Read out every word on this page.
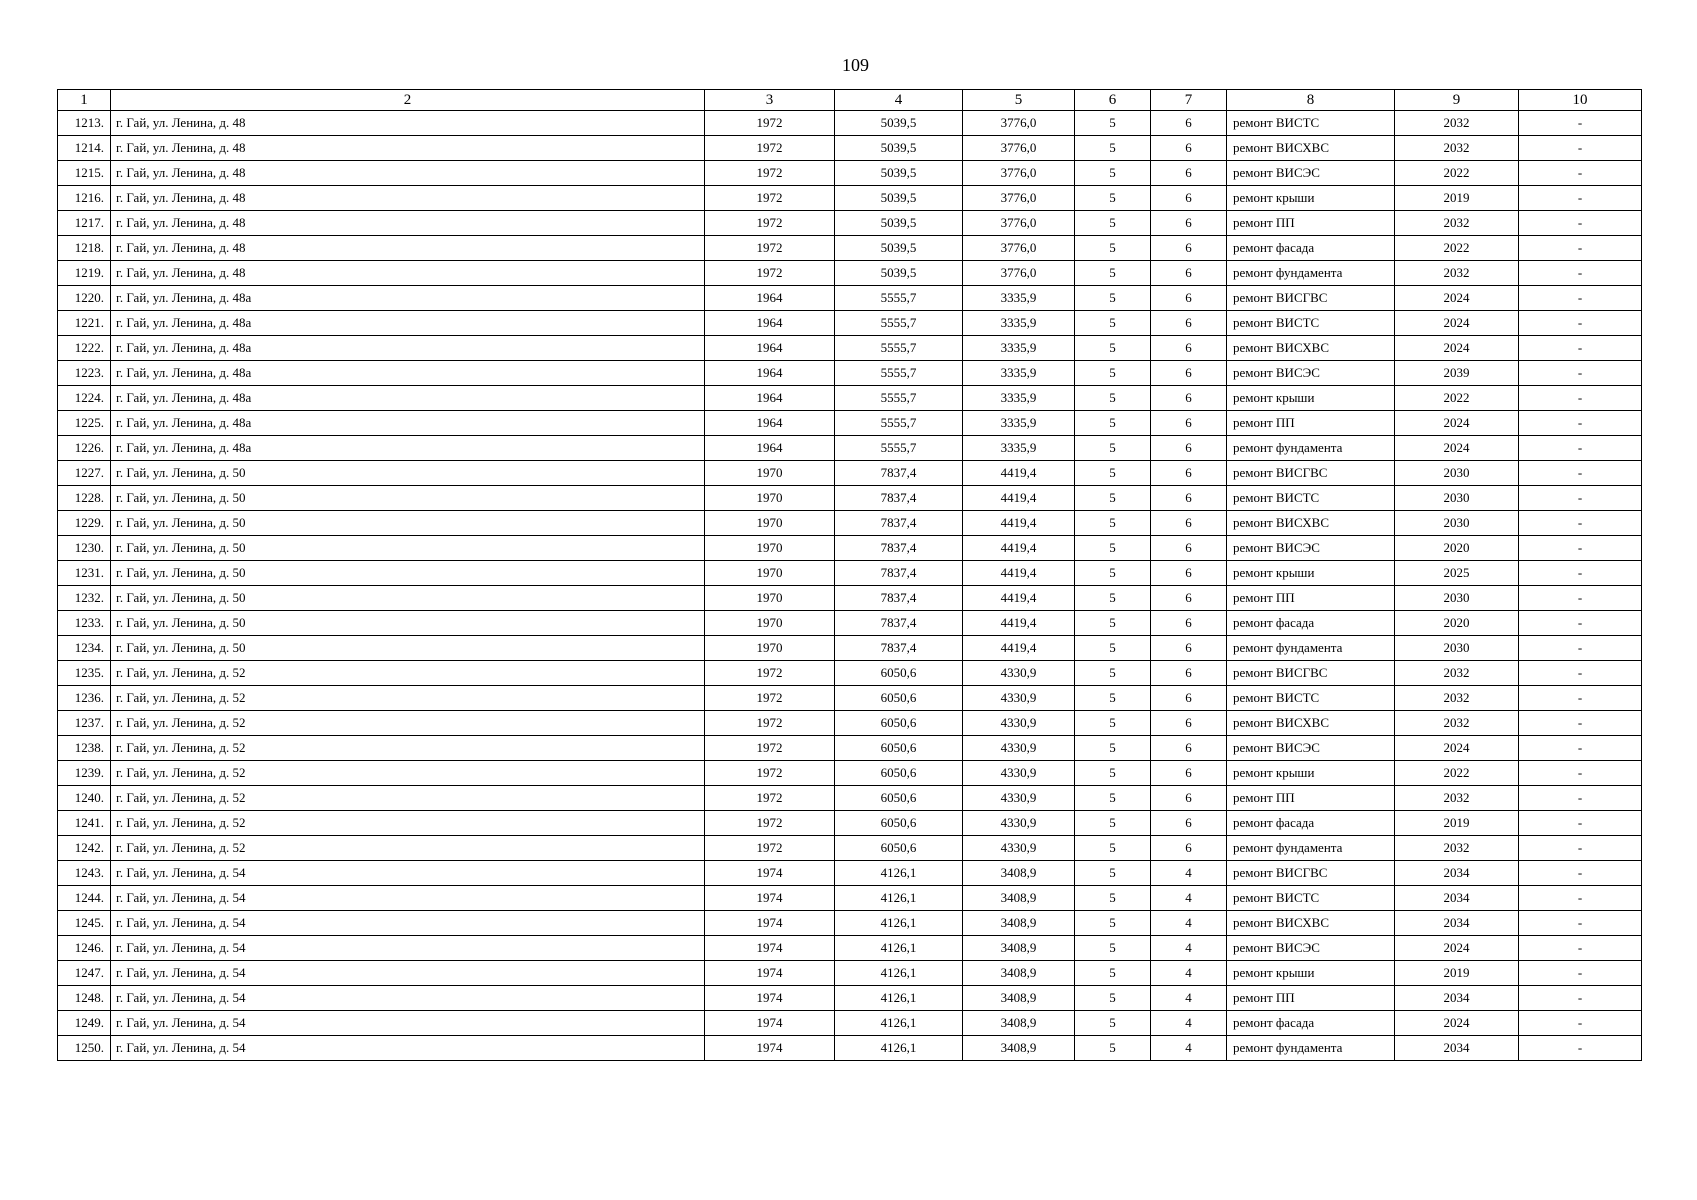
109
1	2	3	4	5	6	7	8	9	10
1213.	г. Гай, ул. Ленина, д. 48	1972	5039,5	3776,0	5	6	ремонт ВИСТС	2032	-
1214.	г. Гай, ул. Ленина, д. 48	1972	5039,5	3776,0	5	6	ремонт ВИСХВС	2032	-
1215.	г. Гай, ул. Ленина, д. 48	1972	5039,5	3776,0	5	6	ремонт ВИСЭС	2022	-
1216.	г. Гай, ул. Ленина, д. 48	1972	5039,5	3776,0	5	6	ремонт крыши	2019	-
1217.	г. Гай, ул. Ленина, д. 48	1972	5039,5	3776,0	5	6	ремонт ПП	2032	-
1218.	г. Гай, ул. Ленина, д. 48	1972	5039,5	3776,0	5	6	ремонт фасада	2022	-
1219.	г. Гай, ул. Ленина, д. 48	1972	5039,5	3776,0	5	6	ремонт фундамента	2032	-
1220.	г. Гай, ул. Ленина, д. 48а	1964	5555,7	3335,9	5	6	ремонт ВИСГВС	2024	-
1221.	г. Гай, ул. Ленина, д. 48а	1964	5555,7	3335,9	5	6	ремонт ВИСТС	2024	-
1222.	г. Гай, ул. Ленина, д. 48а	1964	5555,7	3335,9	5	6	ремонт ВИСХВС	2024	-
1223.	г. Гай, ул. Ленина, д. 48а	1964	5555,7	3335,9	5	6	ремонт ВИСЭС	2039	-
1224.	г. Гай, ул. Ленина, д. 48а	1964	5555,7	3335,9	5	6	ремонт крыши	2022	-
1225.	г. Гай, ул. Ленина, д. 48а	1964	5555,7	3335,9	5	6	ремонт ПП	2024	-
1226.	г. Гай, ул. Ленина, д. 48а	1964	5555,7	3335,9	5	6	ремонт фундамента	2024	-
1227.	г. Гай, ул. Ленина, д. 50	1970	7837,4	4419,4	5	6	ремонт ВИСГВС	2030	-
1228.	г. Гай, ул. Ленина, д. 50	1970	7837,4	4419,4	5	6	ремонт ВИСТС	2030	-
1229.	г. Гай, ул. Ленина, д. 50	1970	7837,4	4419,4	5	6	ремонт ВИСХВС	2030	-
1230.	г. Гай, ул. Ленина, д. 50	1970	7837,4	4419,4	5	6	ремонт ВИСЭС	2020	-
1231.	г. Гай, ул. Ленина, д. 50	1970	7837,4	4419,4	5	6	ремонт крыши	2025	-
1232.	г. Гай, ул. Ленина, д. 50	1970	7837,4	4419,4	5	6	ремонт ПП	2030	-
1233.	г. Гай, ул. Ленина, д. 50	1970	7837,4	4419,4	5	6	ремонт фасада	2020	-
1234.	г. Гай, ул. Ленина, д. 50	1970	7837,4	4419,4	5	6	ремонт фундамента	2030	-
1235.	г. Гай, ул. Ленина, д. 52	1972	6050,6	4330,9	5	6	ремонт ВИСГВС	2032	-
1236.	г. Гай, ул. Ленина, д. 52	1972	6050,6	4330,9	5	6	ремонт ВИСТС	2032	-
1237.	г. Гай, ул. Ленина, д. 52	1972	6050,6	4330,9	5	6	ремонт ВИСХВС	2032	-
1238.	г. Гай, ул. Ленина, д. 52	1972	6050,6	4330,9	5	6	ремонт ВИСЭС	2024	-
1239.	г. Гай, ул. Ленина, д. 52	1972	6050,6	4330,9	5	6	ремонт крыши	2022	-
1240.	г. Гай, ул. Ленина, д. 52	1972	6050,6	4330,9	5	6	ремонт ПП	2032	-
1241.	г. Гай, ул. Ленина, д. 52	1972	6050,6	4330,9	5	6	ремонт фасада	2019	-
1242.	г. Гай, ул. Ленина, д. 52	1972	6050,6	4330,9	5	6	ремонт фундамента	2032	-
1243.	г. Гай, ул. Ленина, д. 54	1974	4126,1	3408,9	5	4	ремонт ВИСГВС	2034	-
1244.	г. Гай, ул. Ленина, д. 54	1974	4126,1	3408,9	5	4	ремонт ВИСТС	2034	-
1245.	г. Гай, ул. Ленина, д. 54	1974	4126,1	3408,9	5	4	ремонт ВИСХВС	2034	-
1246.	г. Гай, ул. Ленина, д. 54	1974	4126,1	3408,9	5	4	ремонт ВИСЭС	2024	-
1247.	г. Гай, ул. Ленина, д. 54	1974	4126,1	3408,9	5	4	ремонт крыши	2019	-
1248.	г. Гай, ул. Ленина, д. 54	1974	4126,1	3408,9	5	4	ремонт ПП	2034	-
1249.	г. Гай, ул. Ленина, д. 54	1974	4126,1	3408,9	5	4	ремонт фасада	2024	-
1250.	г. Гай, ул. Ленина, д. 54	1974	4126,1	3408,9	5	4	ремонт фундамента	2034	-
